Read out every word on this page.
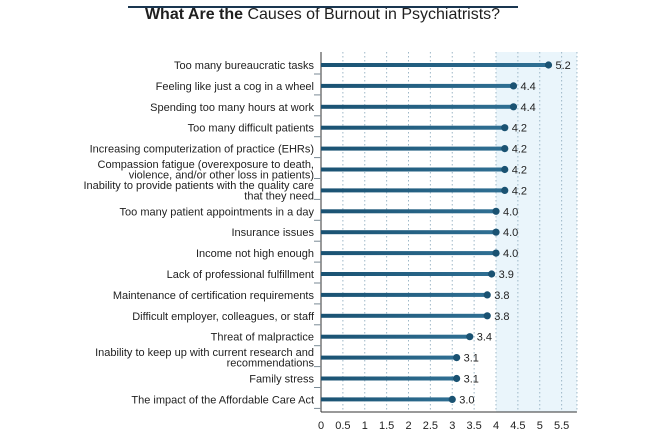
What Are the Causes of Burnout in Psychiatrists?
0 0.5 1 1.5 2 2.5 3 3.5 4 4.5 5 5.5
5.2
Too many bureaucratic tasks
4.4
Feeling like just a cog in a wheel
4.4
Spending too many hours at work
4.2
Too many difficult patients
4.2
Increasing computerization of practice (EHRs)
4.2
Compassion fatigue (overexposure to death,
violence, and/or other loss in patients)
4.2
Inability to provide patients with the quality care
that they need
4.0
Too many patient appointments in a day
4.0
Insurance issues
4.0
Income not high enough
3.9
Lack of professional fulfillment
3.8
Maintenance of certification requirements
3.8
Difficult employer, colleagues, or staff
3.4
Threat of malpractice
3.1
Inability to keep up with current research and
recommendations
3.1
Family stress
3.0
The impact of the Affordable Care Act
